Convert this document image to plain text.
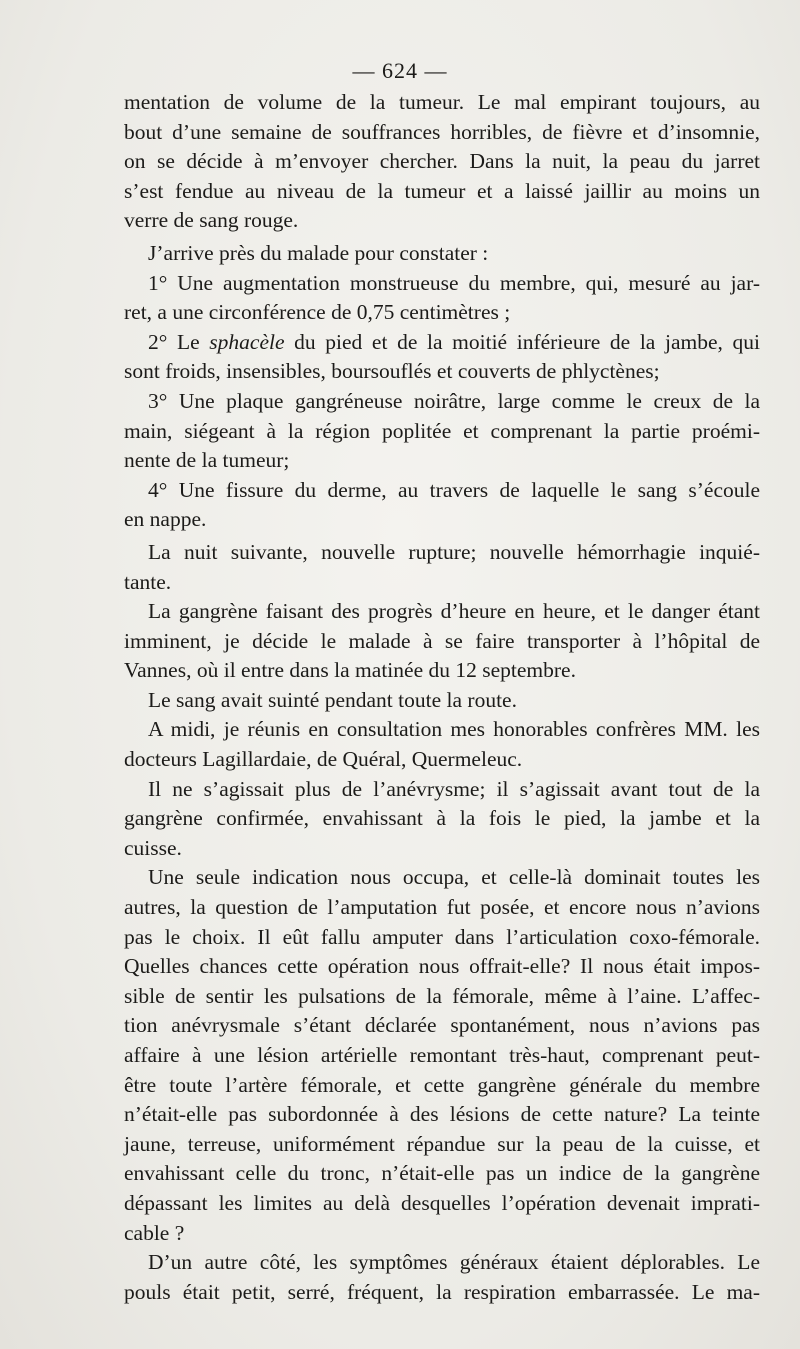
— 624 —
mentation de volume de la tumeur. Le mal empirant toujours, au
bout d’une semaine de souffrances horribles, de fièvre et d’insomnie,
on se décide à m’envoyer chercher. Dans la nuit, la peau du jarret
s’est fendue au niveau de la tumeur et a laissé jaillir au moins un
verre de sang rouge.
J’arrive près du malade pour constater :
1° Une augmentation monstrueuse du membre, qui, mesuré au jar-
ret, a une circonférence de 0,75 centimètres ;
2° Le sphacèle du pied et de la moitié inférieure de la jambe, qui
sont froids, insensibles, boursouflés et couverts de phlyctènes;
3° Une plaque gangréneuse noirâtre, large comme le creux de la
main, siégeant à la région poplitée et comprenant la partie proémi-
nente de la tumeur;
4° Une fissure du derme, au travers de laquelle le sang s’écoule
en nappe.
La nuit suivante, nouvelle rupture; nouvelle hémorrhagie inquié-
tante.
La gangrène faisant des progrès d’heure en heure, et le danger étant
imminent, je décide le malade à se faire transporter à l’hôpital de
Vannes, où il entre dans la matinée du 12 septembre.
Le sang avait suinté pendant toute la route.
A midi, je réunis en consultation mes honorables confrères MM. les
docteurs Lagillardaie, de Quéral, Quermeleuc.
Il ne s’agissait plus de l’anévrysme; il s’agissait avant tout de la
gangrène confirmée, envahissant à la fois le pied, la jambe et la
cuisse.
Une seule indication nous occupa, et celle-là dominait toutes les
autres, la question de l’amputation fut posée, et encore nous n’avions
pas le choix. Il eût fallu amputer dans l’articulation coxo-fémorale.
Quelles chances cette opération nous offrait-elle? Il nous était impos-
sible de sentir les pulsations de la fémorale, même à l’aine. L’affec-
tion anévrysmale s’étant déclarée spontanément, nous n’avions pas
affaire à une lésion artérielle remontant très-haut, comprenant peut-
être toute l’artère fémorale, et cette gangrène générale du membre
n’était-elle pas subordonnée à des lésions de cette nature? La teinte
jaune, terreuse, uniformément répandue sur la peau de la cuisse, et
envahissant celle du tronc, n’était-elle pas un indice de la gangrène
dépassant les limites au delà desquelles l’opération devenait imprati-
cable ?
D’un autre côté, les symptômes généraux étaient déplorables. Le
pouls était petit, serré, fréquent, la respiration embarrassée. Le ma-
